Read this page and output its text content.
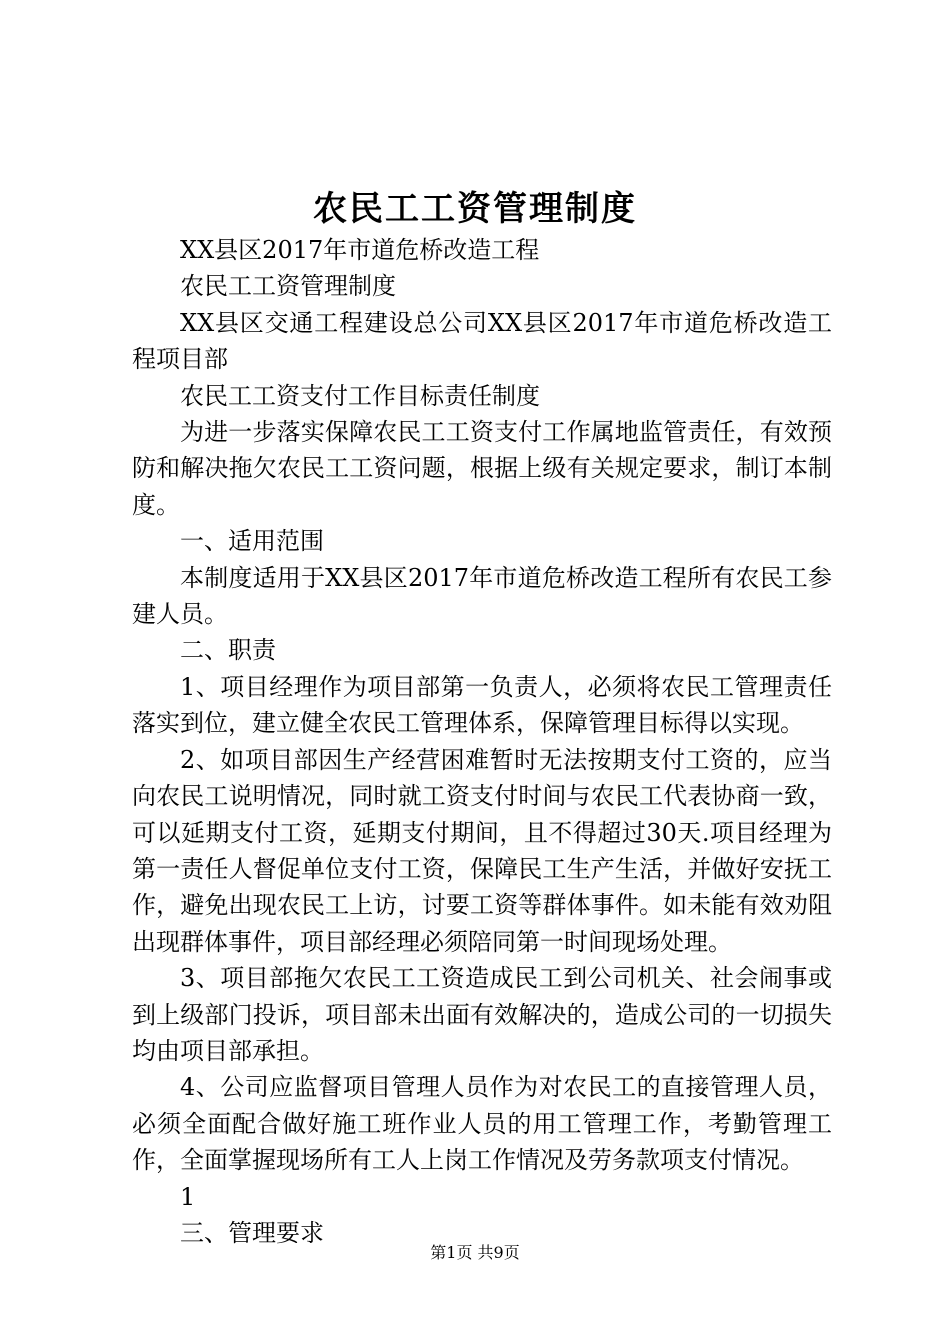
农民工工资管理制度

XX县区2017年市道危桥改造工程

农民工工资管理制度

XX县区交通工程建设总公司XX县区2017年市道危桥改造工程项目部

农民工工资支付工作目标责任制度

为进一步落实保障农民工工资支付工作属地监管责任，有效预防和解决拖欠农民工工资问题，根据上级有关规定要求，制订本制度。

一、适用范围

本制度适用于XX县区2017年市道危桥改造工程所有农民工参建人员。

二、职责

1、项目经理作为项目部第一负责人，必须将农民工管理责任落实到位，建立健全农民工管理体系，保障管理目标得以实现。

2、如项目部因生产经营困难暂时无法按期支付工资的，应当向农民工说明情况，同时就工资支付时间与农民工代表协商一致，可以延期支付工资，延期支付期间，且不得超过30天.项目经理为第一责任人督促单位支付工资，保障民工生产生活，并做好安抚工作，避免出现农民工上访，讨要工资等群体事件。如未能有效劝阻出现群体事件，项目部经理必须陪同第一时间现场处理。

3、项目部拖欠农民工工资造成民工到公司机关、社会闹事或到上级部门投诉，项目部未出面有效解决的，造成公司的一切损失均由项目部承担。

4、公司应监督项目管理人员作为对农民工的直接管理人员，必须全面配合做好施工班作业人员的用工管理工作，考勤管理工作，全面掌握现场所有工人上岗工作情况及劳务款项支付情况。

1

三、管理要求

第1页 共9页
